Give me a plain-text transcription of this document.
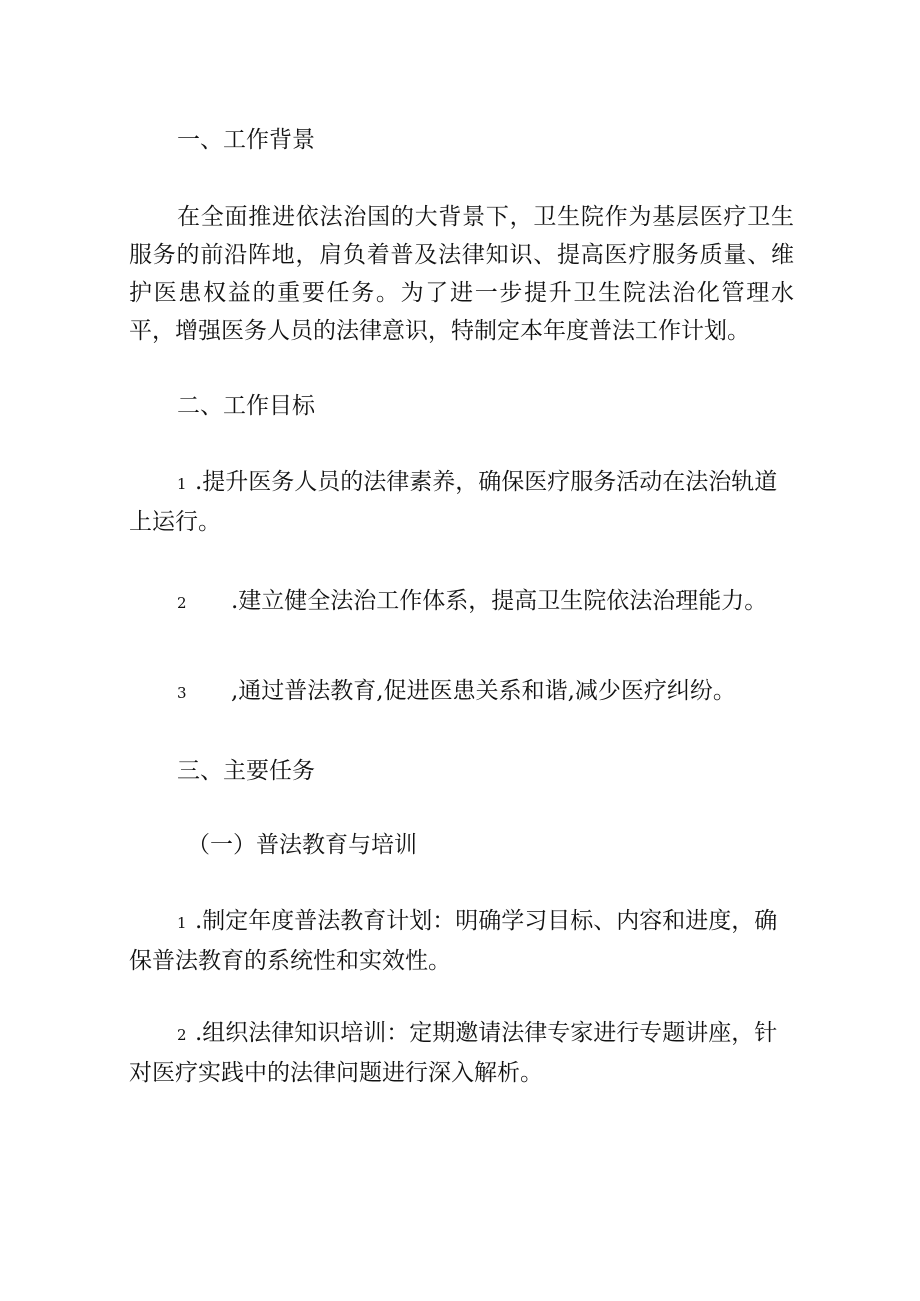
一、工作背景

在全面推进依法治国的大背景下，卫生院作为基层医疗卫生服务的前沿阵地，肩负着普及法律知识、提高医疗服务质量、维护医患权益的重要任务。为了进一步提升卫生院法治化管理水平，增强医务人员的法律意识，特制定本年度普法工作计划。

二、工作目标

1 .提升医务人员的法律素养，确保医疗服务活动在法治轨道上运行。

2 .建立健全法治工作体系，提高卫生院依法治理能力。

3 ,通过普法教育,促进医患关系和谐,减少医疗纠纷。

三、主要任务

（一）普法教育与培训

1 .制定年度普法教育计划：明确学习目标、内容和进度，确保普法教育的系统性和实效性。

2 .组织法律知识培训：定期邀请法律专家进行专题讲座，针对医疗实践中的法律问题进行深入解析。
